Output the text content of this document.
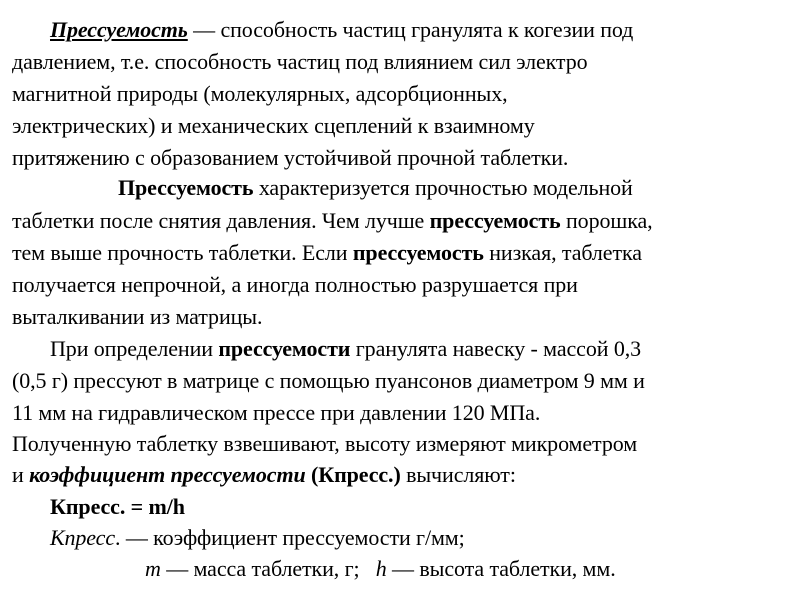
Прессуемость — способность частиц гранулята к когезии под
давлением, т.е. способность частиц под влиянием сил электро
магнитной природы (молекулярных, адсорбционных,
электрических) и механических сцеплений к взаимному
притяжению с образованием устойчивой прочной таблетки.
Прессуемость характеризуется прочностью модельной
таблетки после снятия давления. Чем лучше прессуемость порошка,
тем выше прочность таблетки. Если прессуемость низкая, таблетка
получается непрочной, а иногда полностью разрушается при
выталкивании из матрицы.
При определении прессуемости гранулята навеску - массой 0,3
(0,5 г) прессуют в матрице с помощью пуансонов диаметром 9 мм и
11 мм на гидравлическом прессе при давлении 120 МПа.
Полученную таблетку взвешивают, высоту измеряют микрометром
и коэффициент прессуемости (Кпресс.) вычисляют:
Кпресс. = m/h
Кпресс. — коэффициент прессуемости г/мм;
m — масса таблетки, г;   h — высота таблетки, мм.
